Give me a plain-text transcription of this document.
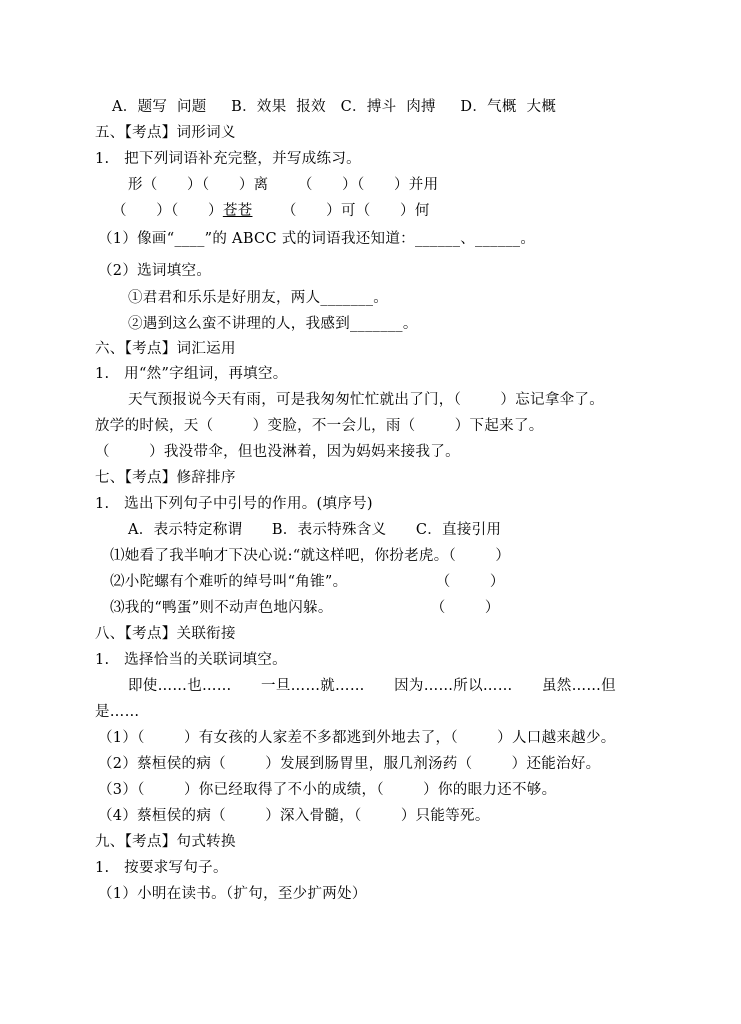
A．题写  问题     B．效果  报效   C．搏斗  肉搏     D．气概  大概
五、【考点】词形词义
1.   把下列词语补充完整，并写成练习。
形（      ）（      ）离      （      ）（      ）并用
（      ）（      ）苍苍      （      ）可（      ）何
（1）像画“____”的 ABCC 式的词语我还知道：______、______。
（2）选词填空。
①君君和乐乐是好朋友，两人_______。
②遇到这么蛮不讲理的人，我感到_______。
六、【考点】词汇运用
1.   用“然”字组词，再填空。
天气预报说今天有雨，可是我匆匆忙忙就出了门，（        ）忘记拿伞了。
放学的时候，天（        ）变脸，不一会儿，雨（        ）下起来了。
（        ）我没带伞，但也没淋着，因为妈妈来接我了。
七、【考点】修辞排序
1.   选出下列句子中引号的作用。(填序号)
A．表示特定称谓      B．表示特殊含义      C．直接引用
⑴她看了我半响才下决心说:“就这样吧，你扮老虎。（        ）
⑵小陀螺有个难听的绰号叫“角锥”。                  （        ）
⑶我的“鸭蛋”则不动声色地闪躲。                    （        ）
八、【考点】关联衔接
1.   选择恰当的关联词填空。
即使……也……      一旦……就……      因为……所以……      虽然……但
是……
（1）（        ）有女孩的人家差不多都逃到外地去了，（        ）人口越来越少。
（2）蔡桓侯的病（        ）发展到肠胃里，服几剂汤药（        ）还能治好。
（3）（        ）你已经取得了不小的成绩，（        ）你的眼力还不够。
（4）蔡桓侯的病（        ）深入骨髓，（        ）只能等死。
九、【考点】句式转换
1.   按要求写句子。
（1）小明在读书。（扩句，至少扩两处）
